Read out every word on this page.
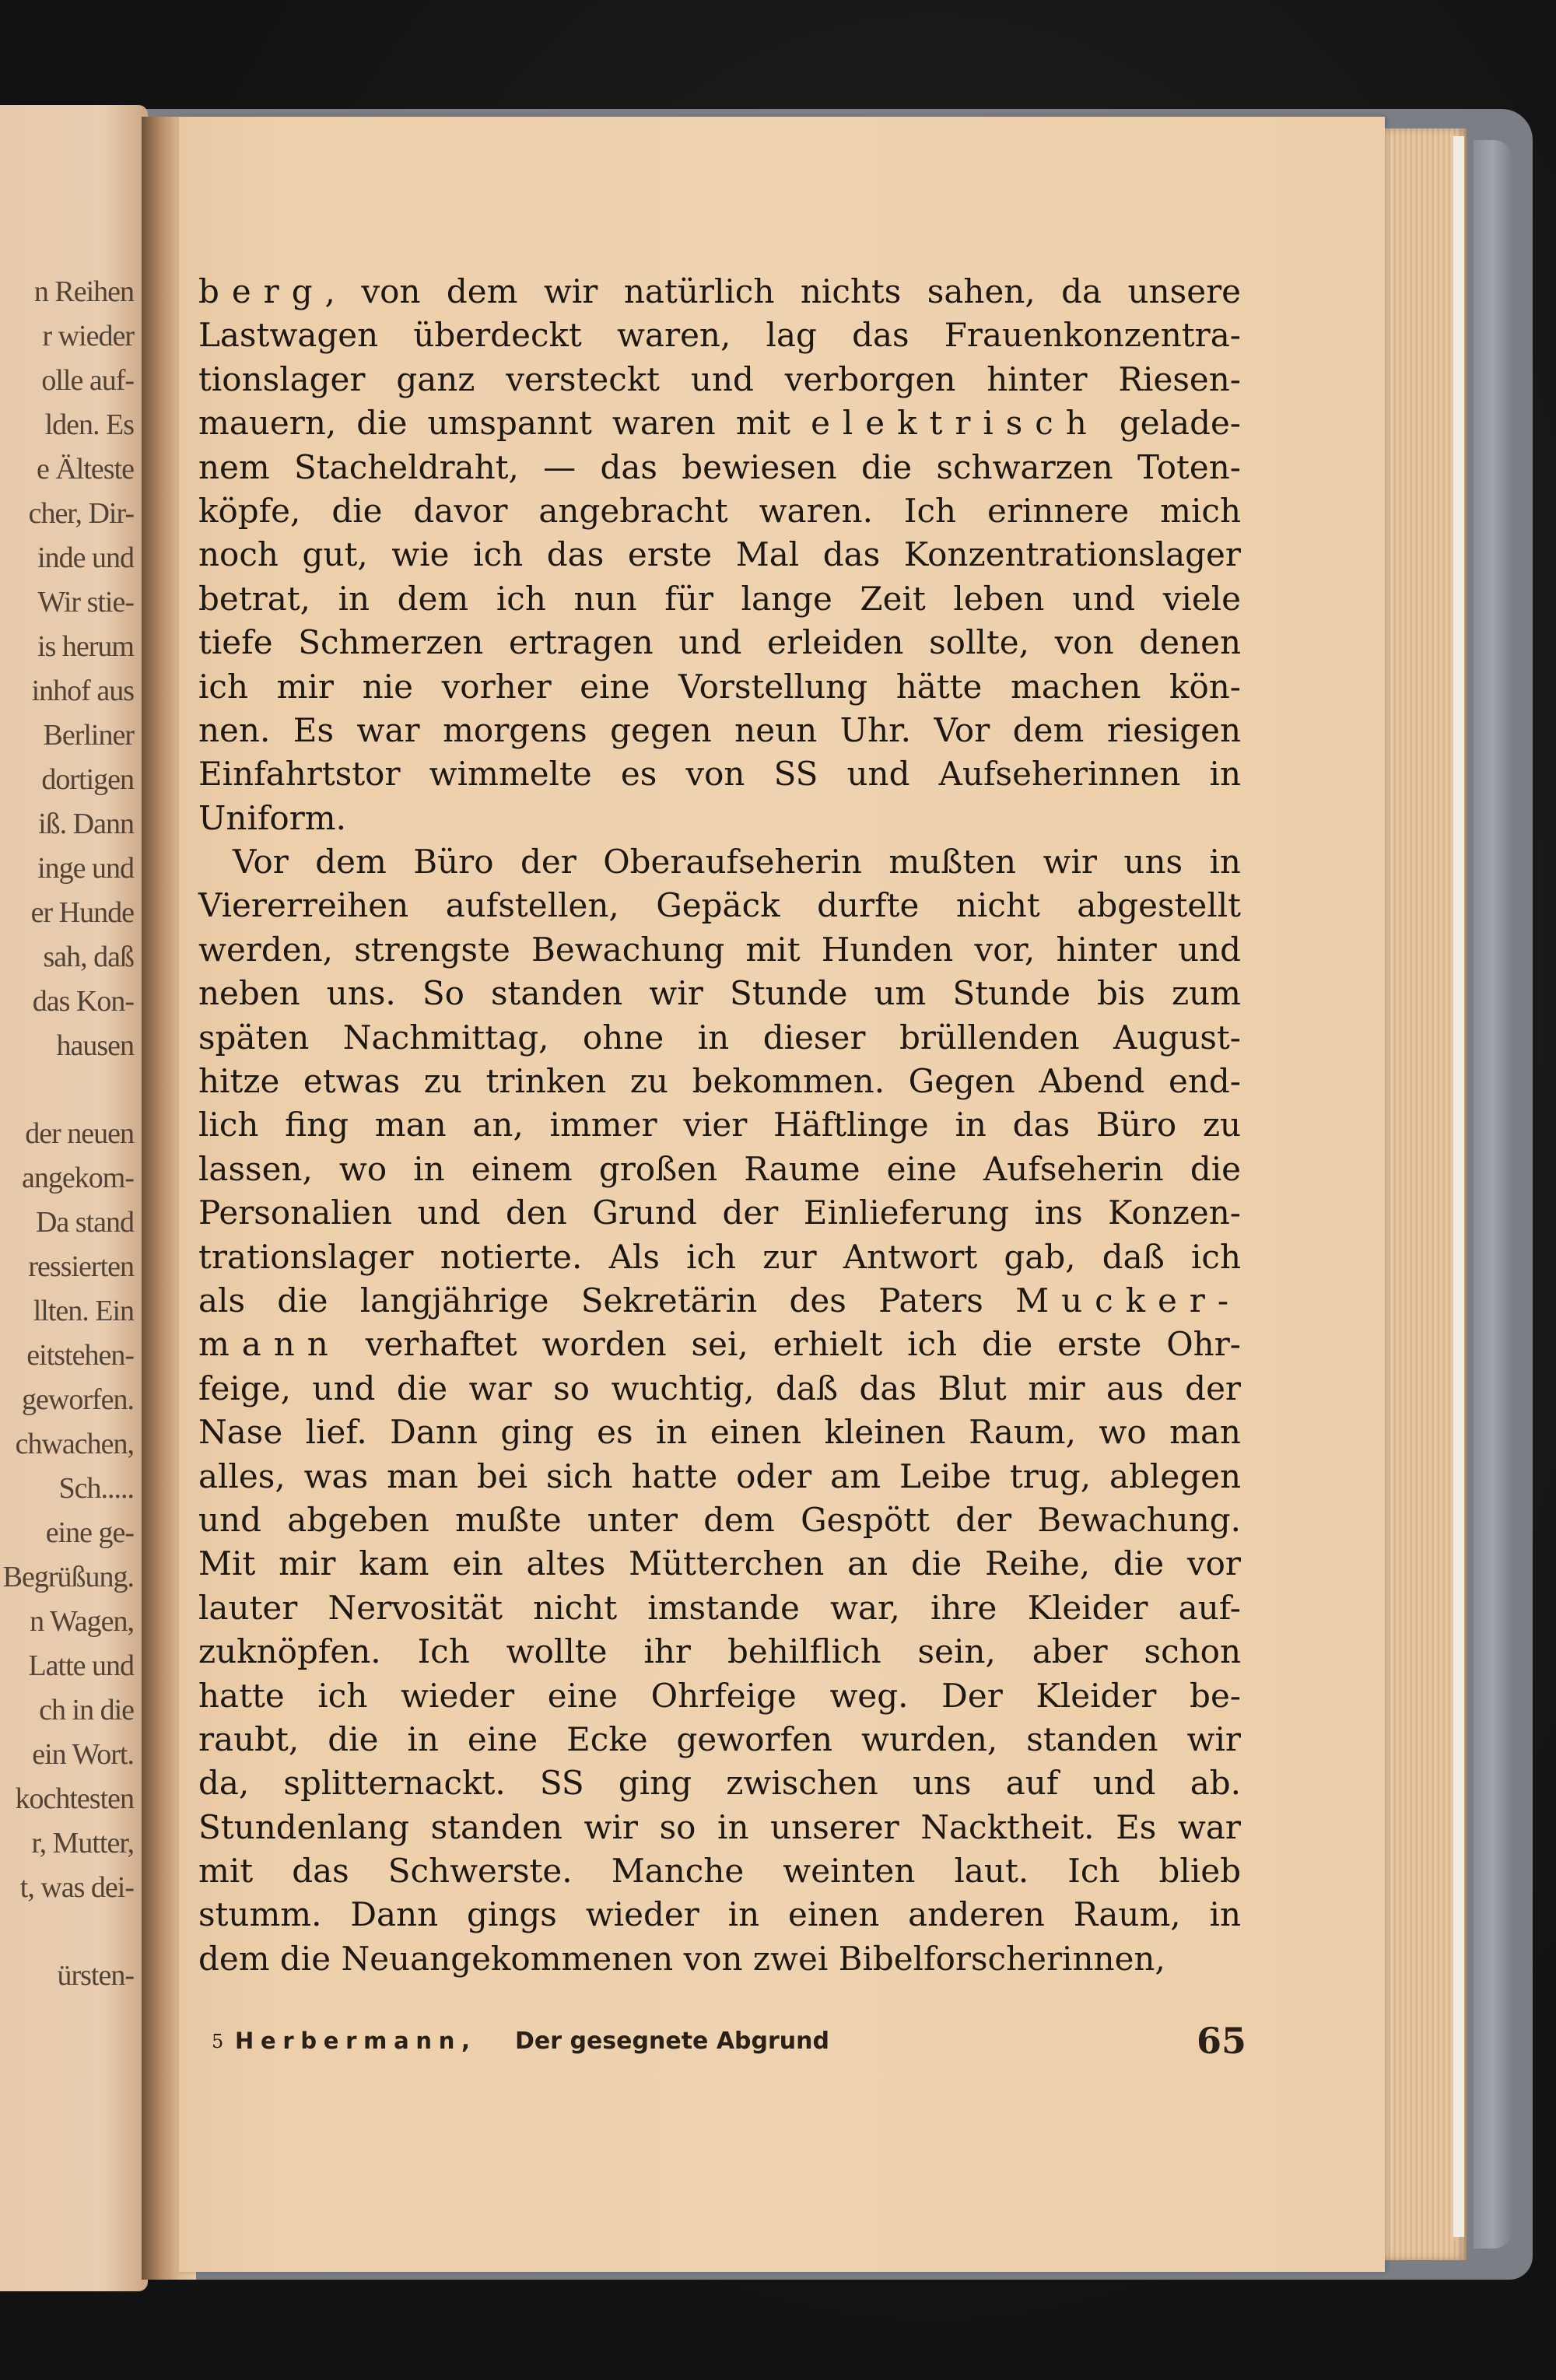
n Reihen
r wieder
olle auf-
lden. Es
e Älteste
cher, Dir-
inde und
Wir stie-
is herum
inhof aus
Berliner
dortigen
iß. Dann
inge und
er Hunde
sah, daß
das Kon-
hausen
der neuen
angekom-
Da stand
ressierten
llten. Ein
eitstehen-
geworfen.
chwachen,
Sch.....
eine ge-
Begrüßung.
n Wagen,
Latte und
ch in die
ein Wort.
kochtesten
r, Mutter,
t, was dei-
ürsten-
berg, von dem wir natürlich nichts sahen, da unsere
Lastwagen überdeckt waren, lag das Frauenkonzentra-
tionslager ganz versteckt und verborgen hinter Riesen-
mauern, die umspannt waren mit elektrisch gelade-
nem Stacheldraht, — das bewiesen die schwarzen Toten-
köpfe, die davor angebracht waren. Ich erinnere mich
noch gut, wie ich das erste Mal das Konzentrationslager
betrat, in dem ich nun für lange Zeit leben und viele
tiefe Schmerzen ertragen und erleiden sollte, von denen
ich mir nie vorher eine Vorstellung hätte machen kön-
nen. Es war morgens gegen neun Uhr. Vor dem riesigen
Einfahrtstor wimmelte es von SS und Aufseherinnen in
Uniform.
Vor dem Büro der Oberaufseherin mußten wir uns in
Viererreihen aufstellen, Gepäck durfte nicht abgestellt
werden, strengste Bewachung mit Hunden vor, hinter und
neben uns. So standen wir Stunde um Stunde bis zum
späten Nachmittag, ohne in dieser brüllenden August-
hitze etwas zu trinken zu bekommen. Gegen Abend end-
lich fing man an, immer vier Häftlinge in das Büro zu
lassen, wo in einem großen Raume eine Aufseherin die
Personalien und den Grund der Einlieferung ins Konzen-
trationslager notierte. Als ich zur Antwort gab, daß ich
als die langjährige Sekretärin des Paters Mucker-
mann verhaftet worden sei, erhielt ich die erste Ohr-
feige, und die war so wuchtig, daß das Blut mir aus der
Nase lief. Dann ging es in einen kleinen Raum, wo man
alles, was man bei sich hatte oder am Leibe trug, ablegen
und abgeben mußte unter dem Gespött der Bewachung.
Mit mir kam ein altes Mütterchen an die Reihe, die vor
lauter Nervosität nicht imstande war, ihre Kleider auf-
zuknöpfen. Ich wollte ihr behilflich sein, aber schon
hatte ich wieder eine Ohrfeige weg. Der Kleider be-
raubt, die in eine Ecke geworfen wurden, standen wir
da, splitternackt. SS ging zwischen uns auf und ab.
Stundenlang standen wir so in unserer Nacktheit. Es war
mit das Schwerste. Manche weinten laut. Ich blieb
stumm. Dann gings wieder in einen anderen Raum, in
dem die Neuangekommenen von zwei Bibelforscherinnen,
5 Herbermann, Der gesegnete Abgrund	65
